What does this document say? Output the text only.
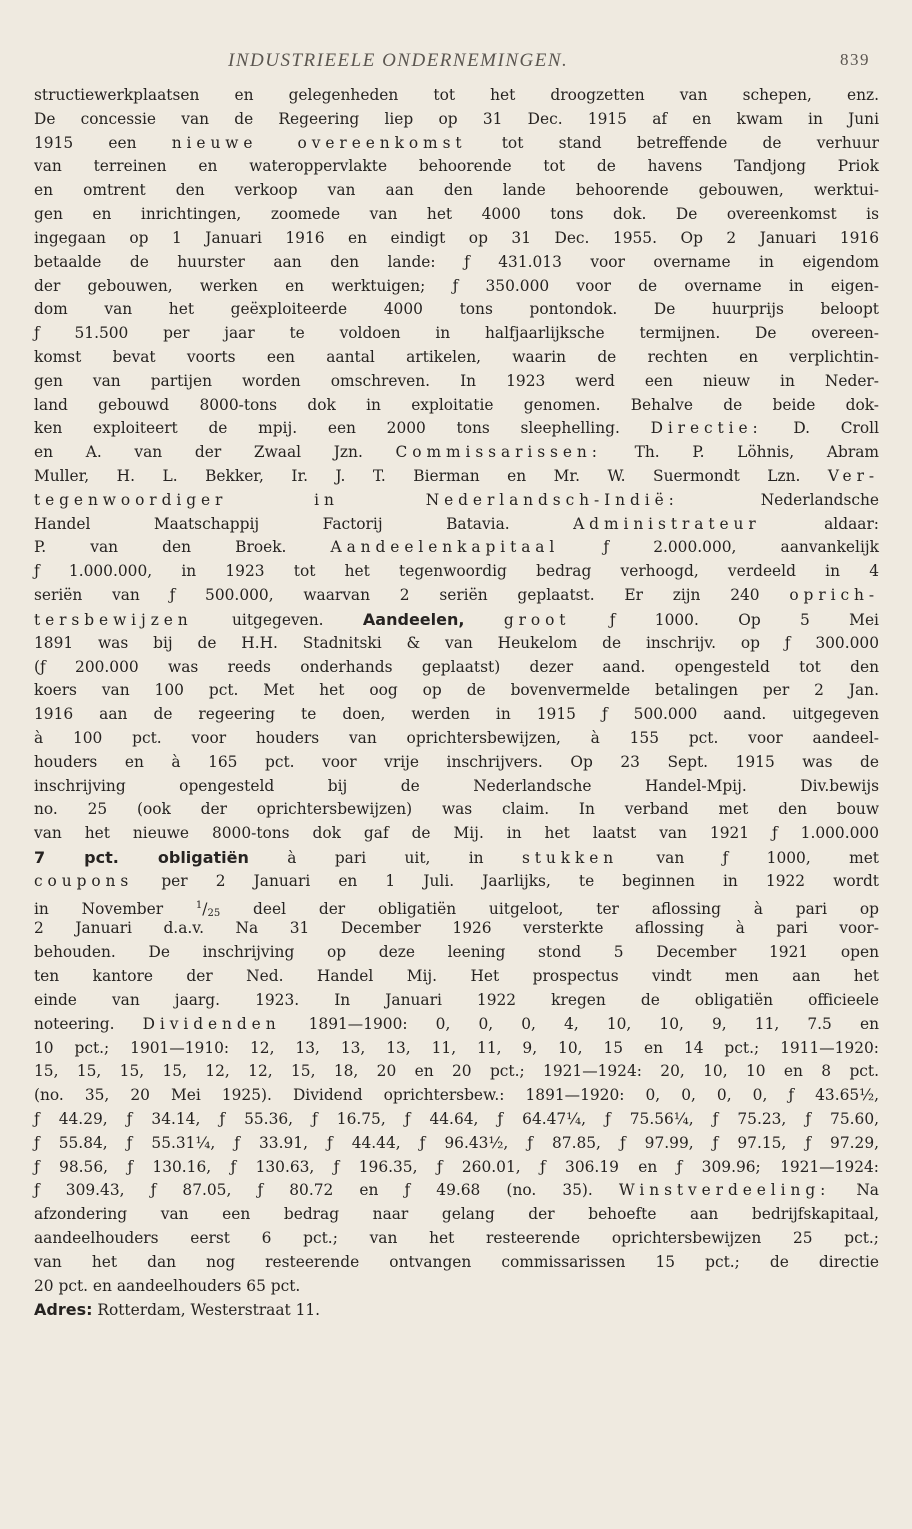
INDUSTRIEELE ONDERNEMINGEN.	839
structiewerkplaatsen en gelegenheden tot het droogzetten van schepen, enz.
De concessie van de Regeering liep op 31 Dec. 1915 af en kwam in Juni
1915 een nieuwe overeenkomst tot stand betreffende de verhuur
van terreinen en wateroppervlakte behoorende tot de havens Tandjong Priok
en omtrent den verkoop van aan den lande behoorende gebouwen, werktui-
gen en inrichtingen, zoomede van het 4000 tons dok. De overeenkomst is
ingegaan op 1 Januari 1916 en eindigt op 31 Dec. 1955. Op 2 Januari 1916
betaalde de huurster aan den lande: ƒ 431.013 voor overname in eigendom
der gebouwen, werken en werktuigen; ƒ 350.000 voor de overname in eigen-
dom van het geëxploiteerde 4000 tons pontondok. De huurprijs beloopt
ƒ 51.500 per jaar te voldoen in halfjaarlijksche termijnen. De overeen-
komst bevat voorts een aantal artikelen, waarin de rechten en verplichtin-
gen van partijen worden omschreven. In 1923 werd een nieuw in Neder-
land gebouwd 8000-tons dok in exploitatie genomen. Behalve de beide dok-
ken exploiteert de mpij. een 2000 tons sleephelling. Directie: D. Croll
en A. van der Zwaal Jzn. Commissarissen: Th. P. Löhnis, Abram
Muller, H. L. Bekker, Ir. J. T. Bierman en Mr. W. Suermondt Lzn. Ver-
tegenwoordiger in Nederlandsch-Indië: Nederlandsche
Handel Maatschappij Factorij Batavia. Administrateur aldaar:
P. van den Broek. Aandeelenkapitaal ƒ 2.000.000, aanvankelijk
ƒ 1.000.000, in 1923 tot het tegenwoordig bedrag verhoogd, verdeeld in 4
seriën van ƒ 500.000, waarvan 2 seriën geplaatst. Er zijn 240 oprich-
tersbewijzen uitgegeven. Aandeelen,	groot ƒ 1000. Op 5 Mei
1891 was bij de H.H. Stadnitski & van Heukelom de inschrijv. op ƒ 300.000
(ƒ 200.000 was reeds onderhands geplaatst) dezer aand. opengesteld tot den
koers van 100 pct. Met het oog op de bovenvermelde betalingen per 2 Jan.
1916 aan de regeering te doen, werden in 1915 ƒ 500.000 aand. uitgegeven
à 100 pct. voor houders van oprichtersbewijzen, à 155 pct. voor aandeel-
houders en à 165 pct. voor vrije inschrijvers. Op 23 Sept. 1915 was de
inschrijving opengesteld bij de Nederlandsche Handel-Mpij. Div.bewijs
no. 25 (ook der oprichtersbewijzen) was claim. In verband met den bouw
van het nieuwe 8000-tons dok gaf de Mij. in het laatst van 1921 ƒ 1.000.000
7 pct. obligatiën à pari uit, in stukken van ƒ 1000, met
coupons per 2 Januari en 1 Juli. Jaarlijks, te beginnen in 1922 wordt
in November $^1/_{25}$ deel der obligatiën uitgeloot, ter aflossing à pari op
2 Januari d.a.v. Na 31 December 1926 versterkte aflossing à pari voor-
behouden. De inschrijving op deze leening stond 5 December 1921 open
ten kantore der Ned. Handel Mij. Het prospectus vindt men aan het
einde van jaarg. 1923. In Januari 1922 kregen de obligatiën officieele
noteering. Dividenden 1891—1900: 0, 0, 0, 4, 10, 10, 9, 11, 7.5 en
10 pct.; 1901—1910: 12, 13, 13, 13, 11, 11, 9, 10, 15 en 14 pct.; 1911—1920:
15, 15, 15, 15, 12, 12, 15, 18, 20 en 20 pct.; 1921—1924: 20, 10, 10 en 8 pct.
(no. 35, 20 Mei 1925). Dividend oprichtersbew.: 1891—1920: 0, 0, 0, 0, ƒ 43.65½,
ƒ 44.29, ƒ 34.14, ƒ 55.36, ƒ 16.75, ƒ 44.64, ƒ 64.47¼, ƒ 75.56¼, ƒ 75.23, ƒ 75.60,
ƒ 55.84, ƒ 55.31¼, ƒ 33.91, ƒ 44.44, ƒ 96.43½, ƒ 87.85, ƒ 97.99, ƒ 97.15, ƒ 97.29,
ƒ 98.56, ƒ 130.16, ƒ 130.63, ƒ 196.35, ƒ 260.01, ƒ 306.19 en ƒ 309.96; 1921—1924:
ƒ 309.43, ƒ 87.05, ƒ 80.72 en ƒ 49.68 (no. 35). Winstverdeeling: Na
afzondering van een bedrag naar gelang der behoefte aan bedrijfskapitaal,
aandeelhouders eerst 6 pct.; van het resteerende oprichtersbewijzen 25 pct.;
van het dan nog resteerende ontvangen commissarissen 15 pct.; de directie
20 pct. en aandeelhouders 65 pct.
Adres: Rotterdam, Westerstraat 11.
